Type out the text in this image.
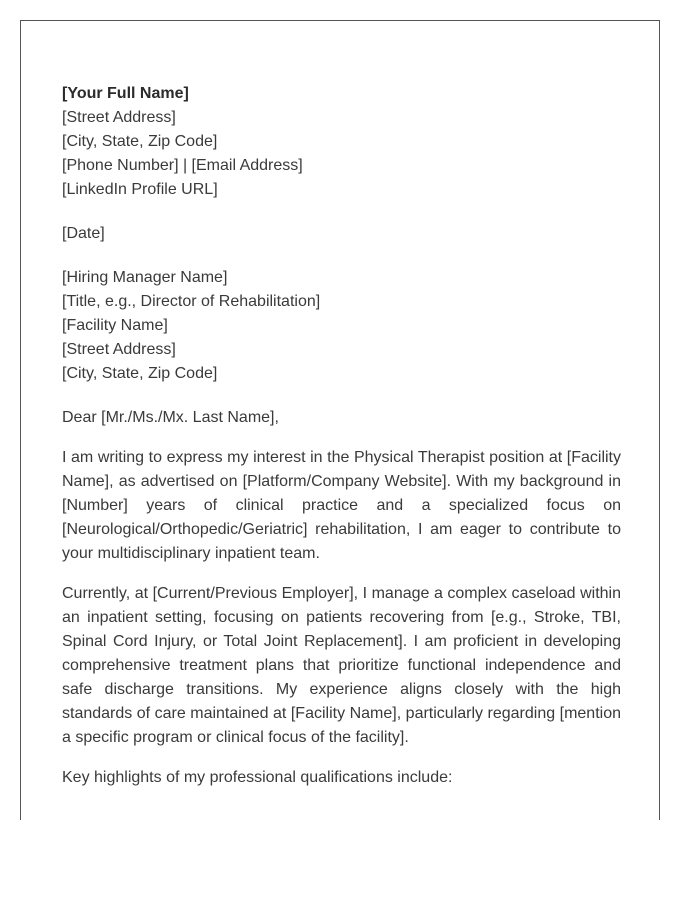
[Your Full Name]
[Street Address]
[City, State, Zip Code]
[Phone Number] | [Email Address]
[LinkedIn Profile URL]
[Date]
[Hiring Manager Name]
[Title, e.g., Director of Rehabilitation]
[Facility Name]
[Street Address]
[City, State, Zip Code]
Dear [Mr./Ms./Mx. Last Name],

I am writing to express my interest in the Physical Therapist position at [Facility Name], as advertised on [Platform/Company Website]. With my background in [Number] years of clinical practice and a specialized focus on [Neurological/Orthopedic/Geriatric] rehabilitation, I am eager to contribute to your multidisciplinary inpatient team.

Currently, at [Current/Previous Employer], I manage a complex caseload within an inpatient setting, focusing on patients recovering from [e.g., Stroke, TBI, Spinal Cord Injury, or Total Joint Replacement]. I am proficient in developing comprehensive treatment plans that prioritize functional independence and safe discharge transitions. My experience aligns closely with the high standards of care maintained at [Facility Name], particularly regarding [mention a specific program or clinical focus of the facility].

Key highlights of my professional qualifications include:
